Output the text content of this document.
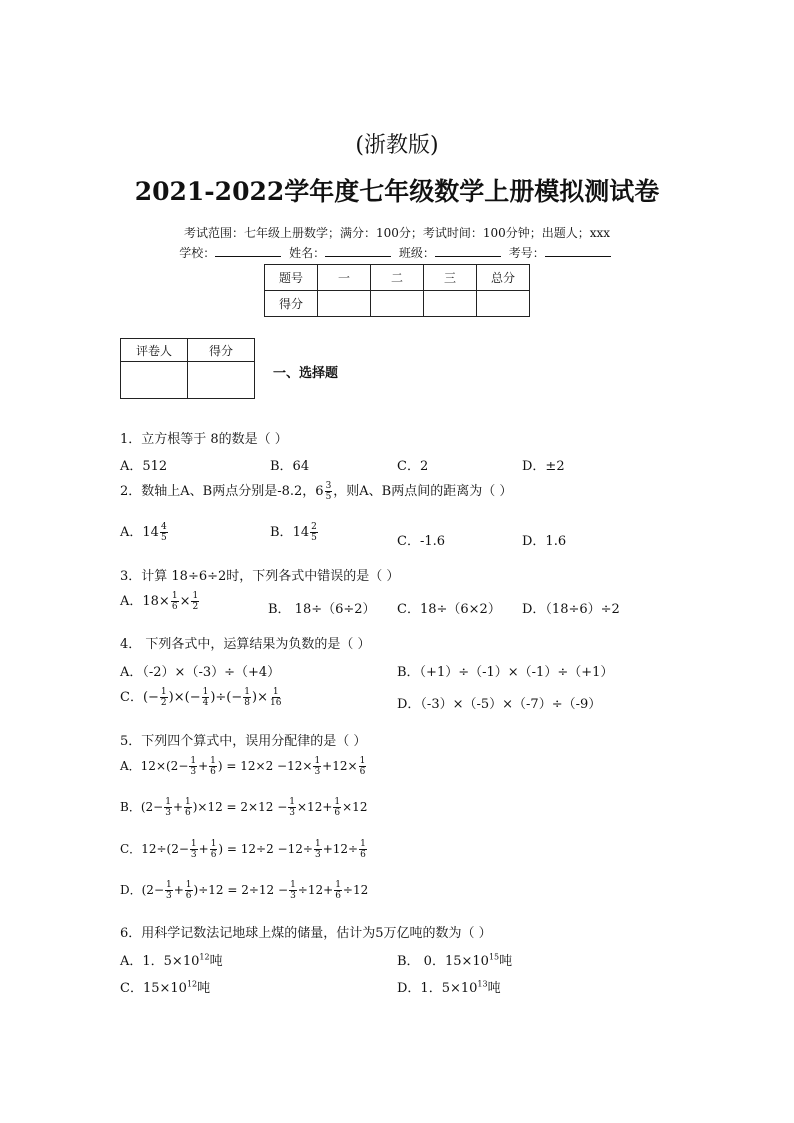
(浙教版)
2021-2022学年度七年级数学上册模拟测试卷
考试范围：七年级上册数学；满分：100分；考试时间：100分钟；出题人；xxx
学校：	姓名：	班级：	考号：
题号	一	二	三	总分
得分				
评卷人	得分

一、选择题
1．立方根等于 8的数是（ ）
A．512	B．64	C．2	D．±2
2．数轴上A、B两点分别是-8.2，$6 \frac{3}{5}$ ，则A、B两点间的距离为（ ）
A．$14 \frac{4}{5}$	B．$14 \frac{2}{5}$	C．-1.6	D．1.6
3．计算 18÷6÷2时，下列各式中错误的是（ ）
A．$18\times \frac{1}{6} \times \frac{1}{2}$	B． 18÷（6÷2） C．18÷（6×2） D．（18÷6）÷2
4． 下列各式中，运算结果为负数的是（ ）
A．（-2）×（-3）÷（+4）	B．（+1）÷（-1）×（-1）÷（+1）
C．(− $\frac{1}{2}$ )×(− $\frac{1}{4}$ )÷(− $\frac{1}{8}$ )× $\frac{1}{16}$	D．（-3）×（-5）×（-7）÷（-9）
5．下列四个算式中，误用分配律的是（ ）
A．$12\times(2- \frac{1}{3} + \frac{1}{6}$ ) = $12\times 2 -12\times \frac{1}{3} +12\times \frac{1}{6}$
B．$(2- \frac{1}{3} + \frac{1}{6} )\times 12 = 2\times 12 - \frac{1}{3} \times 12+ \frac{1}{6} \times 12$
C．$12\div(2- \frac{1}{3} + \frac{1}{6}$ ) = $12\div 2 -12\div \frac{1}{3} +12\div \frac{1}{6}$
D．$(2- \frac{1}{3} + \frac{1}{6} )\div 12 = 2\div 12 - \frac{1}{3} \div 12+ \frac{1}{6} \div 12$
6．用科学记数法记地球上煤的储量，估计为5万亿吨的数为（ ）
A．1．$5\times 10^{12}$吨	B． 0．$15\times 10^{15}$吨
C．$15\times 10^{12}$吨	D．1．$5\times 10^{13}$吨
